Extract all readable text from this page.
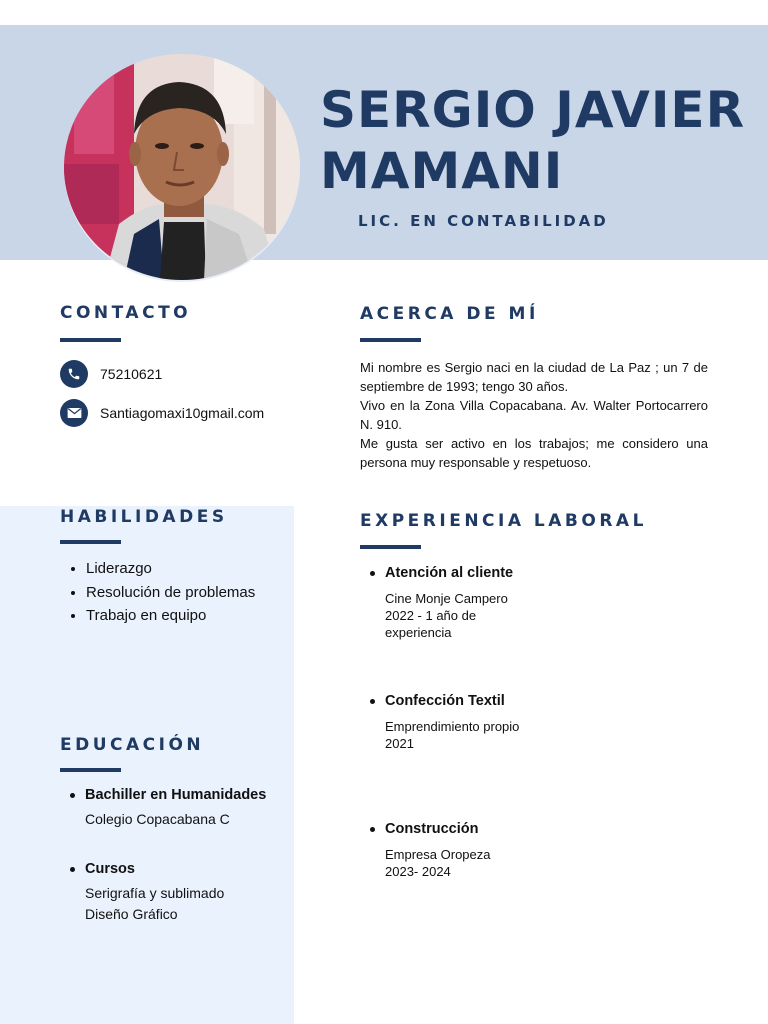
SERGIO JAVIER
MAMANI
LIC. EN CONTABILIDAD
CONTACTO
75210621
Santiagomaxi10gmail.com
ACERCA DE MÍ

Mi nombre es Sergio naci en la ciudad de La Paz ; un 7 de septiembre de 1993; tengo 30 años.

Vivo en la Zona Villa Copacabana. Av. Walter Portocarrero N. 910.

Me gusta ser activo en los trabajos; me considero una persona muy responsable y respetuoso.

HABILIDADES
• Liderazgo
• Resolución de problemas
• Trabajo en equipo
EXPERIENCIA LABORAL
Atención al cliente
Cine Monje Campero
2022 - 1 año de
experiencia
Confección Textil
Emprendimiento propio
2021
Construcción
Empresa Oropeza
2023- 2024
EDUCACIÓN
Bachiller en Humanidades
Colegio Copacabana C
Cursos
Serigrafía y sublimado
Diseño Gráfico
